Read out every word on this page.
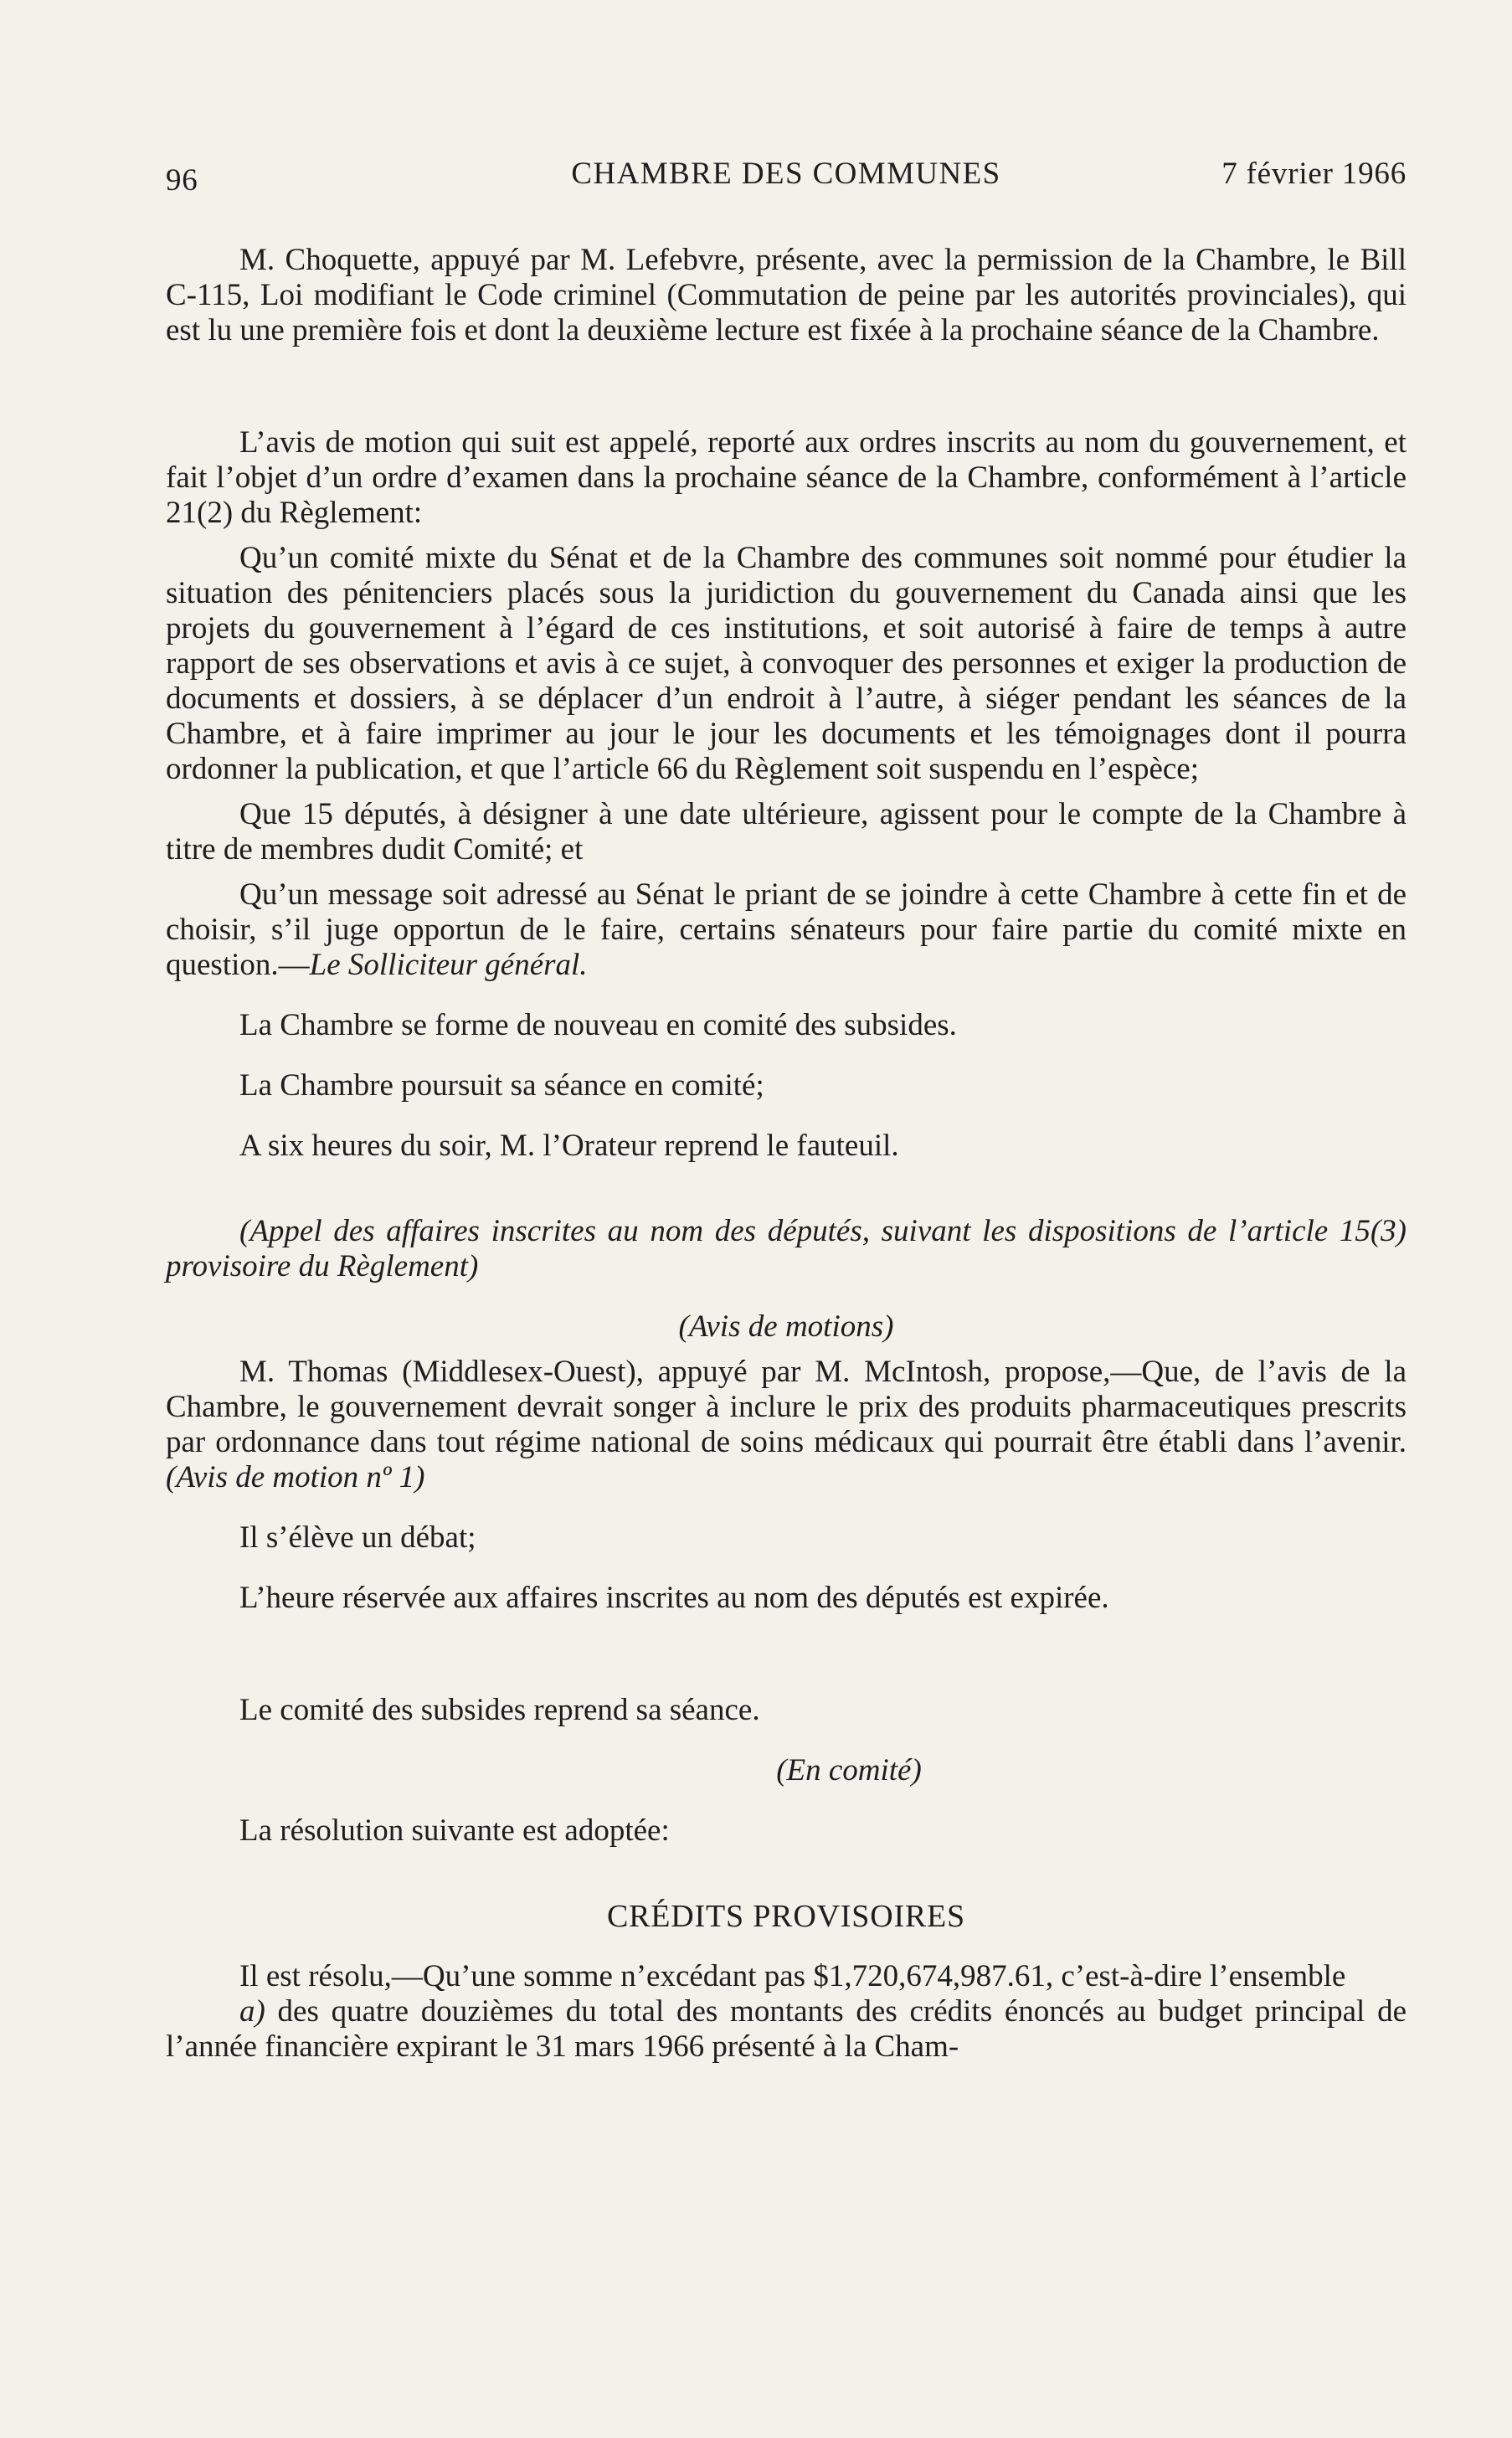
96	CHAMBRE DES COMMUNES	7 février 1966

M. Choquette, appuyé par M. Lefebvre, présente, avec la permission de la Chambre, le Bill C-115, Loi modifiant le Code criminel (Commutation de peine par les autorités provinciales), qui est lu une première fois et dont la deuxième lecture est fixée à la prochaine séance de la Chambre.

L’avis de motion qui suit est appelé, reporté aux ordres inscrits au nom du gouvernement, et fait l’objet d’un ordre d’examen dans la prochaine séance de la Chambre, conformément à l’article 21(2) du Règlement:

Qu’un comité mixte du Sénat et de la Chambre des communes soit nommé pour étudier la situation des pénitenciers placés sous la juridiction du gouvernement du Canada ainsi que les projets du gouvernement à l’égard de ces institutions, et soit autorisé à faire de temps à autre rapport de ses observations et avis à ce sujet, à convoquer des personnes et exiger la production de documents et dossiers, à se déplacer d’un endroit à l’autre, à siéger pendant les séances de la Chambre, et à faire imprimer au jour le jour les documents et les témoignages dont il pourra ordonner la publication, et que l’article 66 du Règlement soit suspendu en l’espèce;

Que 15 députés, à désigner à une date ultérieure, agissent pour le compte de la Chambre à titre de membres dudit Comité; et

Qu’un message soit adressé au Sénat le priant de se joindre à cette Chambre à cette fin et de choisir, s’il juge opportun de le faire, certains sénateurs pour faire partie du comité mixte en question.—Le Solliciteur général.

La Chambre se forme de nouveau en comité des subsides.

La Chambre poursuit sa séance en comité;

A six heures du soir, M. l’Orateur reprend le fauteuil.

(Appel des affaires inscrites au nom des députés, suivant les dispositions de l’article 15(3) provisoire du Règlement)

(Avis de motions)

M. Thomas (Middlesex-Ouest), appuyé par M. McIntosh, propose,—Que, de l’avis de la Chambre, le gouvernement devrait songer à inclure le prix des produits pharmaceutiques prescrits par ordonnance dans tout régime national de soins médicaux qui pourrait être établi dans l’avenir. (Avis de motion nº 1)

Il s’élève un débat;

L’heure réservée aux affaires inscrites au nom des députés est expirée.

Le comité des subsides reprend sa séance.

(En comité)

La résolution suivante est adoptée:

CRÉDITS PROVISOIRES

Il est résolu,—Qu’une somme n’excédant pas $1,720,674,987.61, c’est-à-dire l’ensemble

a) des quatre douzièmes du total des montants des crédits énoncés au budget principal de l’année financière expirant le 31 mars 1966 présenté à la Cham-
